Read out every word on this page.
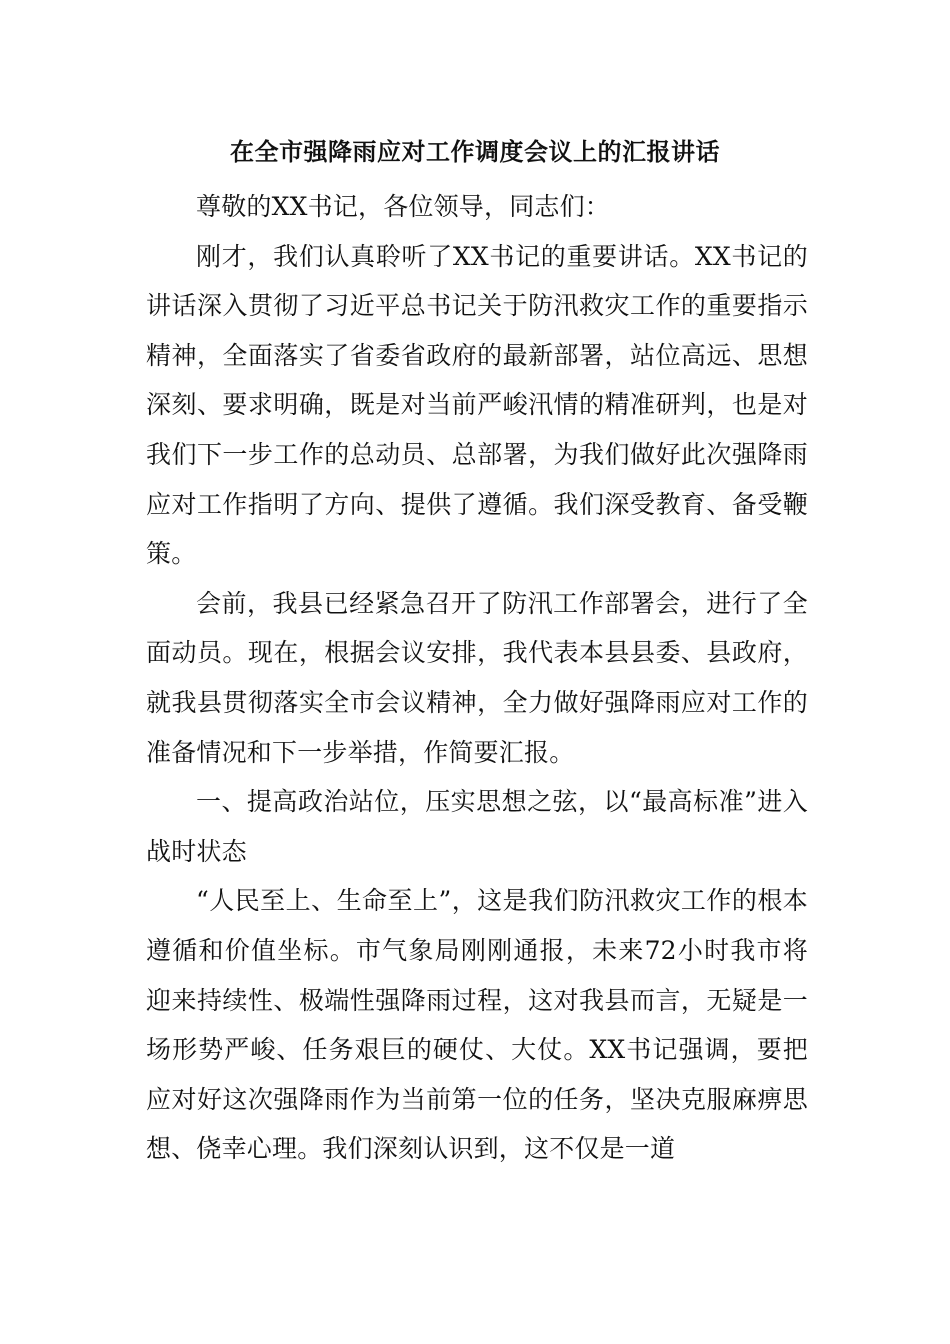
在全市强降雨应对工作调度会议上的汇报讲话

尊敬的XX书记，各位领导，同志们：

刚才，我们认真聆听了XX书记的重要讲话。XX书记的讲话深入贯彻了习近平总书记关于防汛救灾工作的重要指示精神，全面落实了省委省政府的最新部署，站位高远、思想深刻、要求明确，既是对当前严峻汛情的精准研判，也是对我们下一步工作的总动员、总部署，为我们做好此次强降雨应对工作指明了方向、提供了遵循。我们深受教育、备受鞭策。

会前，我县已经紧急召开了防汛工作部署会，进行了全面动员。现在，根据会议安排，我代表本县县委、县政府，就我县贯彻落实全市会议精神，全力做好强降雨应对工作的准备情况和下一步举措，作简要汇报。

一、提高政治站位，压实思想之弦，以“最高标准”进入战时状态

“人民至上、生命至上”，这是我们防汛救灾工作的根本遵循和价值坐标。市气象局刚刚通报，未来72小时我市将迎来持续性、极端性强降雨过程，这对我县而言，无疑是一场形势严峻、任务艰巨的硬仗、大仗。XX书记强调，要把应对好这次强降雨作为当前第一位的任务，坚决克服麻痹思想、侥幸心理。我们深刻认识到，这不仅是一道
